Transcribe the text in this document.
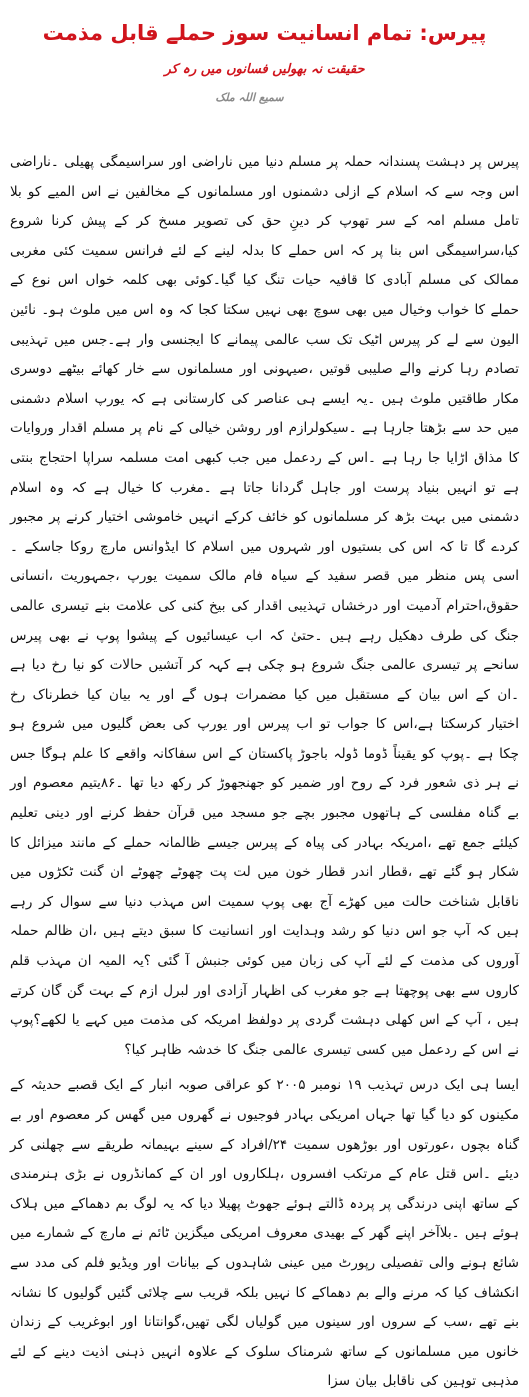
پیرس: تمام انسانیت سوز حملے قابل مذمت
حقیقت نہ بھولیں فسانوں میں رہ کر
سمیع اللہ ملک

پیرس پر دہشت پسندانہ حملہ پر مسلم دنیا میں ناراضی اور سراسیمگی پھیلی ۔ناراضی اس وجہ سے کہ اسلام کے ازلی دشمنوں اور مسلمانوں کے مخالفین نے اس المیے کو بلا تامل مسلم امہ کے سر تھوپ کر دینِ حق کی تصویر مسخ کر کے پیش کرنا شروع کیا،سراسیمگی اس بنا پر کہ اس حملے کا بدلہ لینے کے لئے فرانس سمیت کئی مغربی ممالک کی مسلم آبادی کا قافیہ حیات تنگ کیا گیا۔کوئی بھی کلمہ خواں اس نوع کے حملے کا خواب وخیال میں بھی سوچ بھی نہیں سکتا کجا کہ وہ اس میں ملوث ہو۔ نائین الیون سے لے کر پیرس اٹیک تک سب عالمی پیمانے کا ایجنسی وار ہے۔جس میں تہذیبی تصادم رہا کرنے والے صلیبی قوتیں ،صیہونی اور مسلمانوں سے خار کھائے بیٹھے دوسری مکار طاقتیں ملوث ہیں ۔یہ ایسے ہی عناصر کی کارستانی ہے کہ یورپ اسلام دشمنی میں حد سے بڑھتا جارہا ہے ۔سیکولرازم اور روشن خیالی کے نام پر مسلم اقدار وروایات کا مذاق اڑایا جا رہا ہے ۔اس کے ردعمل میں جب کبھی امت مسلمہ سراپا احتجاج بنتی ہے تو انہیں بنیاد پرست اور جاہل گردانا جاتا ہے ۔مغرب کا خیال ہے کہ وہ اسلام دشمنی میں بہت بڑھ کر مسلمانوں کو خائف کرکے انہیں خاموشی اختیار کرنے پر مجبور کردے گا تا کہ اس کی بستیوں اور شہروں میں اسلام کا ایڈوانس مارچ روکا جاسکے ۔اسی پس منظر میں قصر سفید کے سیاہ فام مالک سمیت یورپ ،جمہوریت ،انسانی حقوق،احترام آدمیت اور درخشاں تہذیبی اقدار کی بیخ کنی کی علامت بنے تیسری عالمی جنگ کی طرف دھکیل رہے ہیں ۔حتیٰ کہ اب عیسائیوں کے پیشوا پوپ نے بھی پیرس سانحے پر تیسری عالمی جنگ شروع ہو چکی ہے کہہ کر آتشیں حالات کو نیا رخ دیا ہے ۔ان کے اس بیان کے مستقبل میں کیا مضمرات ہوں گے اور یہ بیان کیا خطرناک رخ اختیار کرسکتا ہے،اس کا جواب تو اب پیرس اور یورپ کی بعض گلیوں میں شروع ہو چکا ہے ۔پوپ کو یقیناً ڈوما ڈولہ باجوڑ پاکستان کے اس سفاکانہ واقعے کا علم ہوگا جس نے ہر ذی شعور فرد کے روح اور ضمیر کو جھنجھوڑ کر رکھ دیا تھا ۔۸۶یتیم معصوم اور بے گناہ مفلسی کے ہاتھوں مجبور بچے جو مسجد میں قرآن حفظ کرنے اور دینی تعلیم کیلئے جمع تھے ،امریکہ بہادر کی پیاہ کے پیرس جیسے ظالمانہ حملے کے مانند میزائل کا شکار ہو گئے تھے ،قطار اندر قطار خون میں لت پت چھوٹے چھوٹے ان گنت ٹکڑوں میں ناقابل شناخت حالت میں کھڑے آج بھی پوپ سمیت اس مہذب دنیا سے سوال کر رہے ہیں کہ آپ جو اس دنیا کو رشد وہدایت اور انسانیت کا سبق دیتے ہیں ،ان ظالم حملہ آوروں کی مذمت کے لئے آپ کی زبان میں کوئی جنبش آ گئی ؟یہ المیہ ان مہذب قلم کاروں سے بھی پوچھتا ہے جو مغرب کی اظہار آزادی اور لبرل ازم کے بہت گن گان کرتے ہیں ، آپ کے اس کھلی دہشت گردی پر دولفظ امریکہ کی مذمت میں کہے یا لکھے؟پوپ نے اس کے ردعمل میں کسی تیسری عالمی جنگ کا خدشہ ظاہر کیا؟

ایسا ہی ایک درس تہذیب ۱۹ نومبر ۲۰۰۵ کو عراقی صوبہ انبار کے ایک قصبے حدیثہ کے مکینوں کو دیا گیا تھا جہاں امریکی بہادر فوجیوں نے گھروں میں گھس کر معصوم اور بے گناہ بچوں ،عورتوں اور بوڑھوں سمیت ۲۴/افراد کے سینے بہیمانہ طریقے سے چھلنی کر دیئے ۔اس قتل عام کے مرتکب افسروں ،ہلکاروں اور ان کے کمانڈروں نے بڑی ہنرمندی کے ساتھ اپنی درندگی پر پردہ ڈالتے ہوئے جھوٹ پھیلا دیا کہ یہ لوگ بم دھماکے میں ہلاک ہوئے ہیں ۔بلاآخر اپنے گھر کے بھیدی معروف امریکی میگزین ٹائم نے مارچ کے شمارے میں شائع ہونے والی تفصیلی رپورٹ میں عینی شاہدوں کے بیانات اور ویڈیو فلم کی مدد سے انکشاف کیا کہ مرنے والے بم دھماکے کا نہیں بلکہ قریب سے چلائی گئیں گولیوں کا نشانہ بنے تھے ،سب کے سروں اور سینوں میں گولیاں لگی تھیں،گوانتانا اور ابوغریب کے زندان خانوں میں مسلمانوں کے ساتھ شرمناک سلوک کے علاوہ انہیں ذہنی اذیت دینے کے لئے مذہبی توہین کی ناقابل بیان سزا
